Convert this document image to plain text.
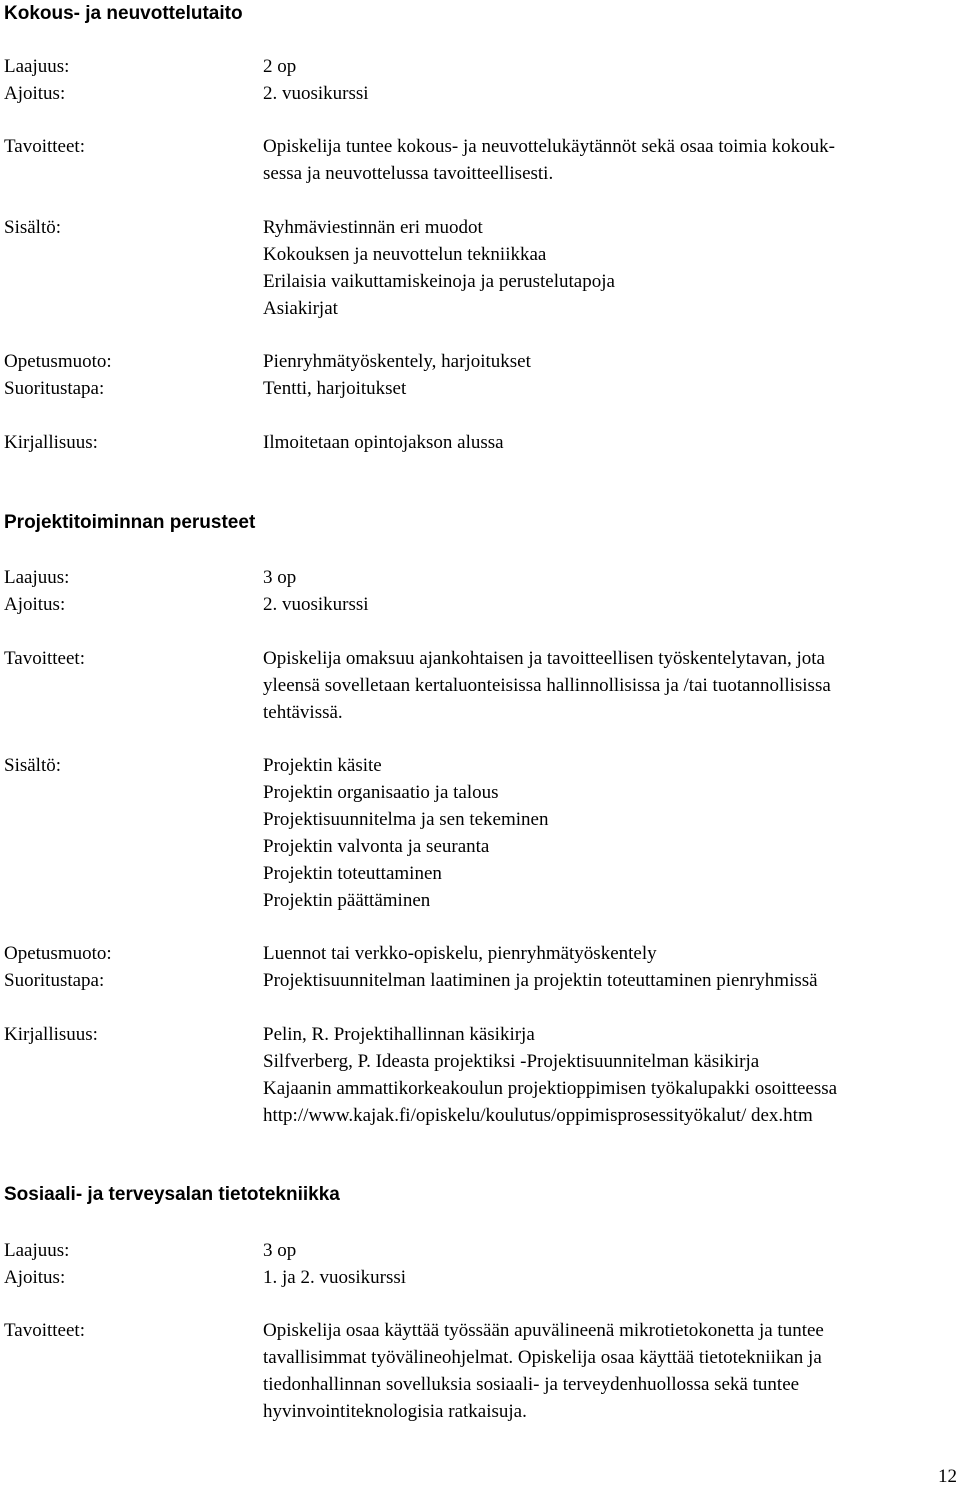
Kokous- ja neuvottelutaito
Laajuus:	2 op
Ajoitus:	2. vuosikurssi
Tavoitteet:	Opiskelija tuntee kokous- ja neuvottelukäytännöt sekä osaa toimia kokouk-
sessa ja neuvottelussa tavoitteellisesti.
Sisältö:	Ryhmäviestinnän eri muodot
Kokouksen ja neuvottelun tekniikkaa
Erilaisia vaikuttamiskeinoja ja perustelutapoja
Asiakirjat
Opetusmuoto:	Pienryhmätyöskentely, harjoitukset
Suoritustapa:	Tentti, harjoitukset
Kirjallisuus:	Ilmoitetaan opintojakson alussa
Projektitoiminnan perusteet
Laajuus:	3 op
Ajoitus:	2. vuosikurssi
Tavoitteet:	Opiskelija omaksuu ajankohtaisen ja tavoitteellisen työskentelytavan, jota
yleensä sovelletaan kertaluonteisissa hallinnollisissa ja /tai tuotannollisissa
tehtävissä.
Sisältö:	Projektin käsite
Projektin organisaatio ja talous
Projektisuunnitelma ja sen tekeminen
Projektin valvonta ja seuranta
Projektin toteuttaminen
Projektin päättäminen
Opetusmuoto:	Luennot tai verkko-opiskelu, pienryhmätyöskentely
Suoritustapa:	Projektisuunnitelman laatiminen ja projektin toteuttaminen pienryhmissä
Kirjallisuus:	Pelin, R. Projektihallinnan käsikirja
Silfverberg, P. Ideasta projektiksi -Projektisuunnitelman käsikirja
Kajaanin ammattikorkeakoulun projektioppimisen työkalupakki osoitteessa
http://www.kajak.fi/opiskelu/koulutus/oppimisprosessityökalut/ dex.htm
Sosiaali- ja terveysalan tietotekniikka
Laajuus:	3 op
Ajoitus:	1. ja 2. vuosikurssi
Tavoitteet:	Opiskelija osaa käyttää työssään apuvälineenä mikrotietokonetta ja tuntee
tavallisimmat työvälineohjelmat. Opiskelija osaa käyttää tietotekniikan ja
tiedonhallinnan sovelluksia sosiaali- ja terveydenhuollossa sekä tuntee
hyvinvointiteknologisia ratkaisuja.
12
